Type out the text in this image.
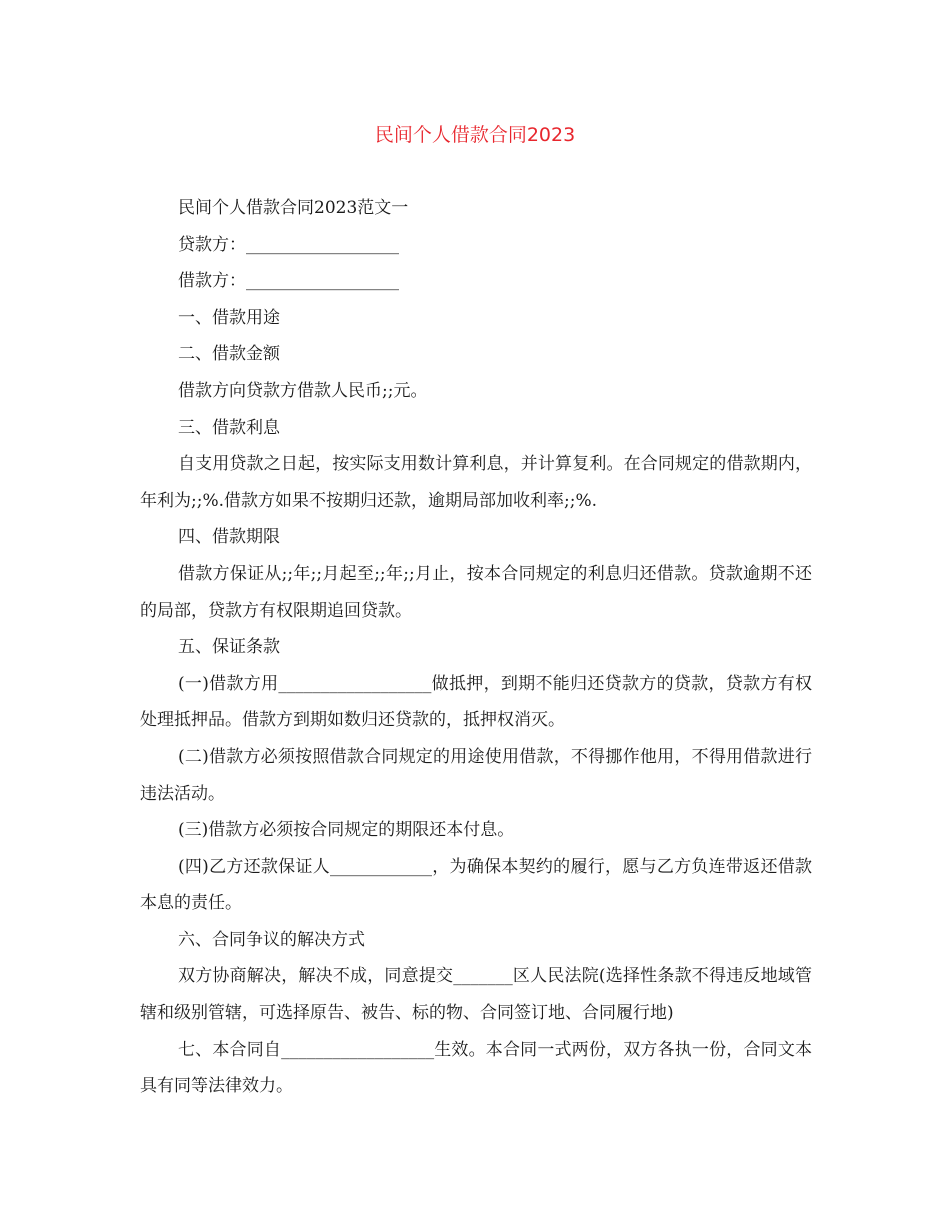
民间个人借款合同2023

民间个人借款合同2023范文一

贷款方：__________________

借款方：__________________

一、借款用途

二、借款金额

借款方向贷款方借款人民币;;元。

三、借款利息

自支用贷款之日起，按实际支用数计算利息，并计算复利。在合同规定的借款期内，年利为;;%.借款方如果不按期归还款，逾期局部加收利率;;%.

四、借款期限

借款方保证从;;年;;月起至;;年;;月止，按本合同规定的利息归还借款。贷款逾期不还的局部，贷款方有权限期追回贷款。

五、保证条款

(一)借款方用__________________做抵押，到期不能归还贷款方的贷款，贷款方有权处理抵押品。借款方到期如数归还贷款的，抵押权消灭。

(二)借款方必须按照借款合同规定的用途使用借款，不得挪作他用，不得用借款进行违法活动。

(三)借款方必须按合同规定的期限还本付息。

(四)乙方还款保证人____________，为确保本契约的履行，愿与乙方负连带返还借款本息的责任。

六、合同争议的解决方式

双方协商解决，解决不成，同意提交_______区人民法院(选择性条款不得违反地域管辖和级别管辖，可选择原告、被告、标的物、合同签订地、合同履行地)

七、本合同自__________________生效。本合同一式两份，双方各执一份，合同文本具有同等法律效力。
